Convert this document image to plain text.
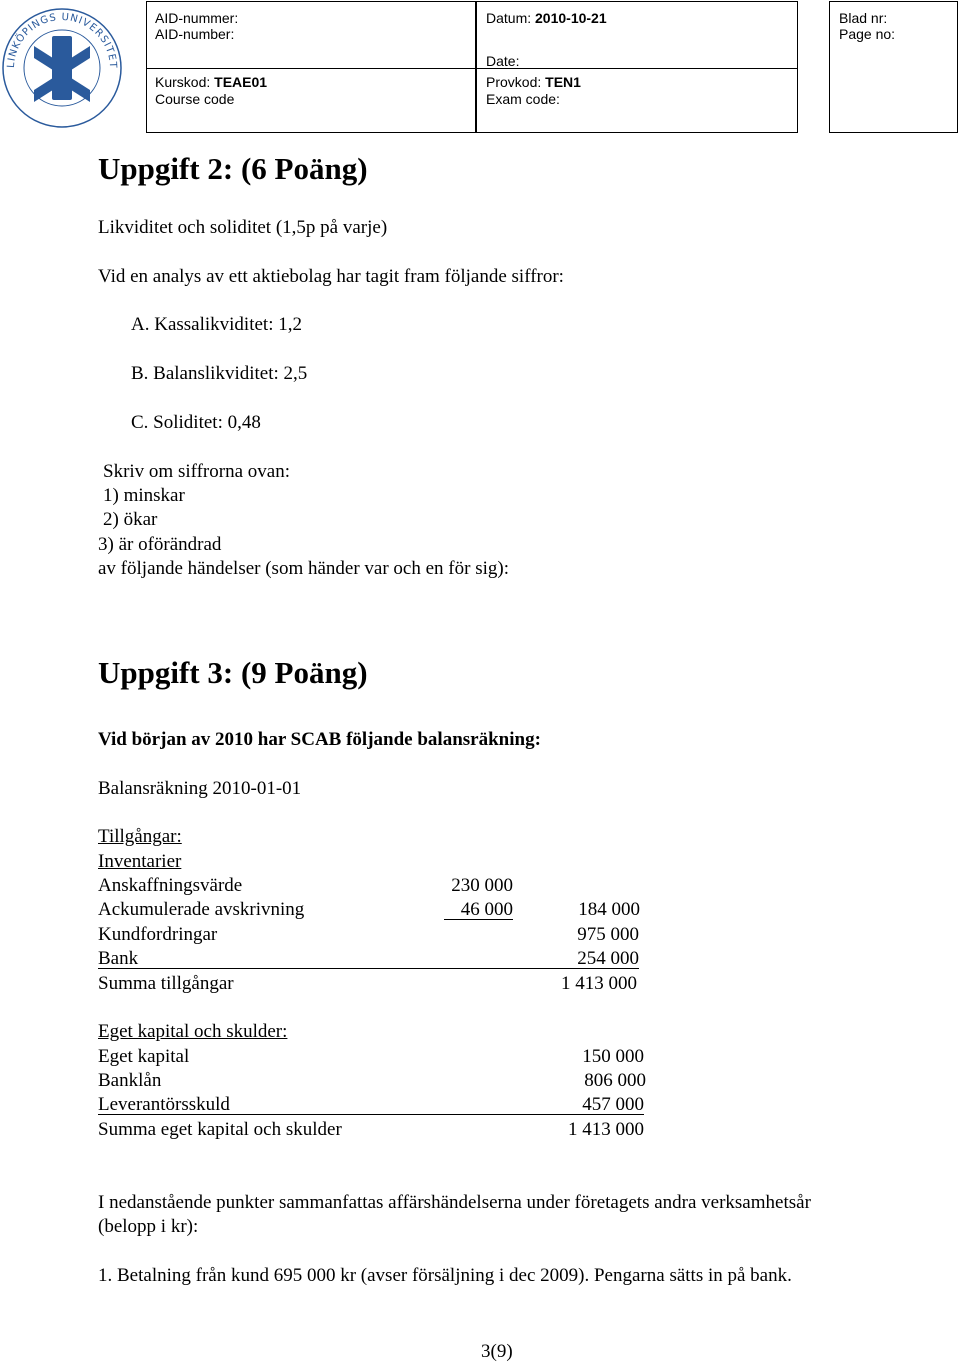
LINKÖPINGS UNIVERSITET
AID-nummer:
AID-number:
Kurskod: TEAE01
Course code
Datum: 2010-10-21
Date:
Provkod: TEN1
Exam code:
Blad nr:
Page no:
Uppgift 2: (6 Poäng)
Likviditet och soliditet (1,5p på varje)
Vid en analys av ett aktiebolag har tagit fram följande siffror:
A. Kassalikviditet: 1,2
B. Balanslikviditet: 2,5
C. Soliditet: 0,48
Skriv om siffrorna ovan:
1) minskar
2) ökar
3) är oförändrad
av följande händelser (som händer var och en för sig):
Uppgift 3: (9 Poäng)
Vid början av 2010 har SCAB följande balansräkning:
Balansräkning 2010-01-01
Tillgångar:
Inventarier
Anskaffningsvärde	230 000
Ackumulerade avskrivning	46 000	184 000
Kundfordringar	975 000
Bank	254 000
Summa tillgångar	1 413 000
Eget kapital och skulder:
Eget kapital	150 000
Banklån	806 000
Leverantörsskuld	457 000
Summa eget kapital och skulder	1 413 000
I nedanstående punkter sammanfattas affärshändelserna under företagets andra verksamhetsår
(belopp i kr):
1. Betalning från kund 695 000 kr (avser försäljning i dec 2009). Pengarna sätts in på bank.
3(9)
